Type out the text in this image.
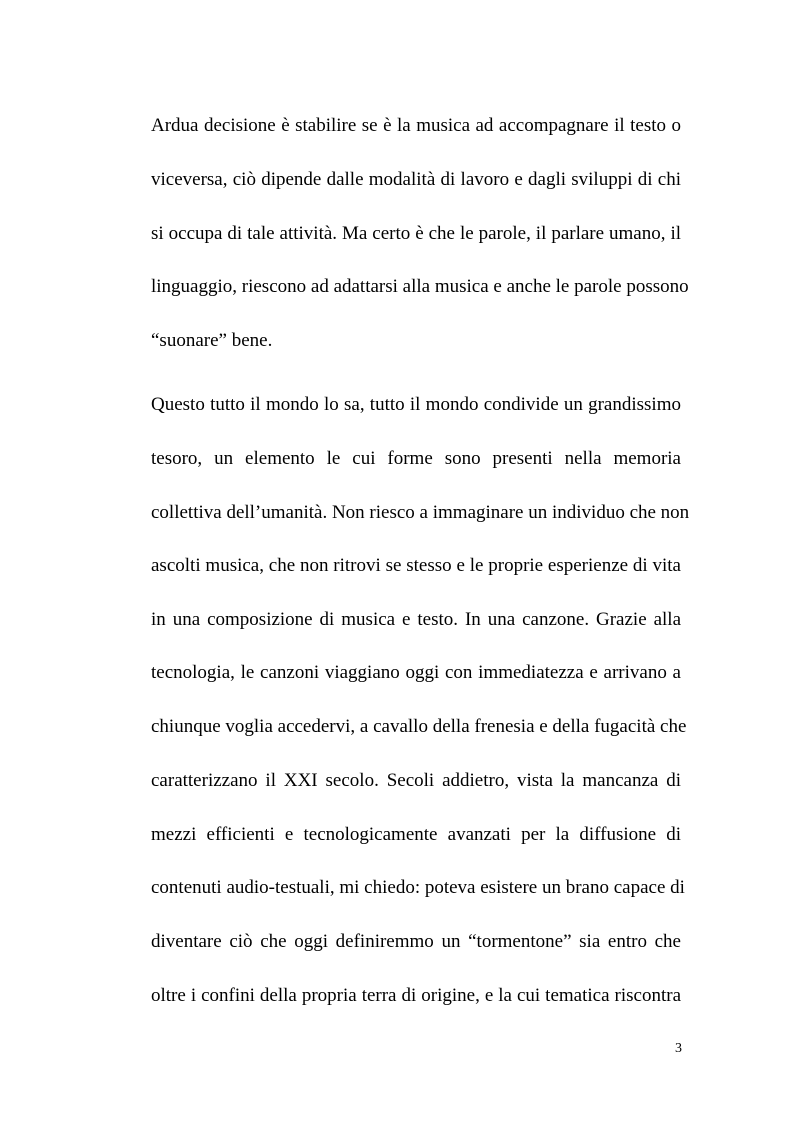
Ardua decisione è stabilire se è la musica ad accompagnare il testo o
viceversa, ciò dipende dalle modalità di lavoro e dagli sviluppi di chi
si occupa di tale attività. Ma certo è che le parole, il parlare umano, il
linguaggio, riescono ad adattarsi alla musica e anche le parole possono
“suonare” bene.
Questo tutto il mondo lo sa, tutto il mondo condivide un grandissimo
tesoro, un elemento le cui forme sono presenti nella memoria
collettiva dell’umanità. Non riesco a immaginare un individuo che non
ascolti musica, che non ritrovi se stesso e le proprie esperienze di vita
in una composizione di musica e testo. In una canzone. Grazie alla
tecnologia, le canzoni viaggiano oggi con immediatezza e arrivano a
chiunque voglia accedervi, a cavallo della frenesia e della fugacità che
caratterizzano il XXI secolo. Secoli addietro, vista la mancanza di
mezzi efficienti e tecnologicamente avanzati per la diffusione di
contenuti audio-testuali, mi chiedo: poteva esistere un brano capace di
diventare ciò che oggi definiremmo un “tormentone” sia entro che
oltre i confini della propria terra di origine, e la cui tematica riscontra
3
